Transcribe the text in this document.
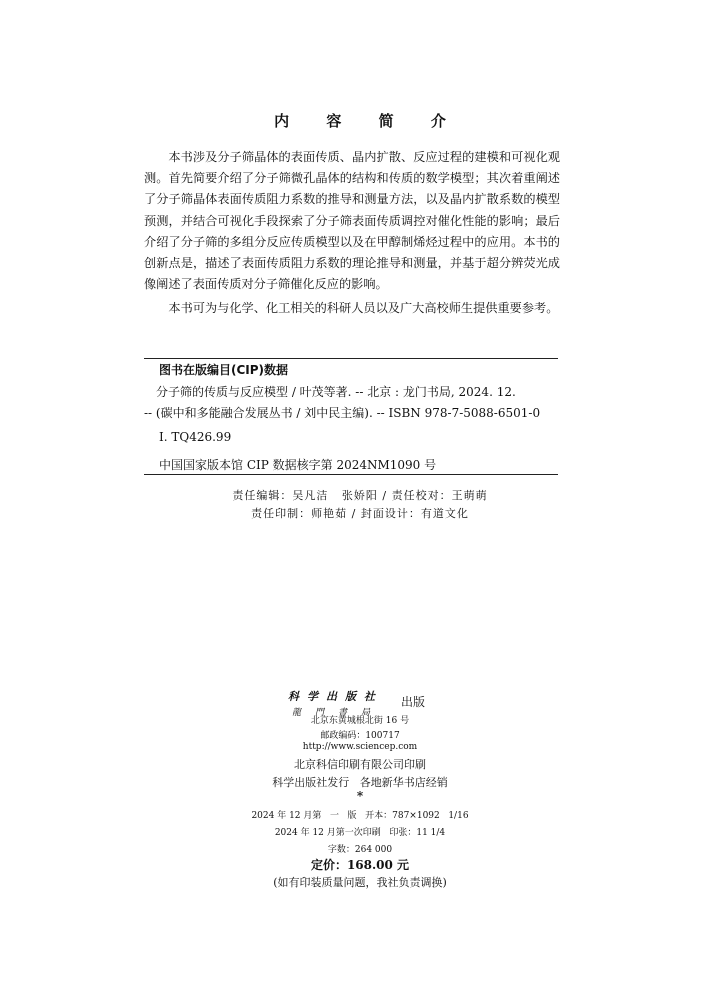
内 容 简 介

本书涉及分子筛晶体的表面传质、晶内扩散、反应过程的建模和可视化观测。首先简要介绍了分子筛微孔晶体的结构和传质的数学模型；其次着重阐述了分子筛晶体表面传质阻力系数的推导和测量方法，以及晶内扩散系数的模型预测，并结合可视化手段探索了分子筛表面传质调控对催化性能的影响；最后介绍了分子筛的多组分反应传质模型以及在甲醇制烯烃过程中的应用。本书的创新点是，描述了表面传质阻力系数的理论推导和测量，并基于超分辨荧光成像阐述了表面传质对分子筛催化反应的影响。

本书可为与化学、化工相关的科研人员以及广大高校师生提供重要参考。

图书在版编目(CIP)数据
分子筛的传质与反应模型 / 叶茂等著. -- 北京 : 龙门书局, 2024. 12.
-- (碳中和多能融合发展丛书 / 刘中民主编). -- ISBN 978-7-5088-6501-0
Ⅰ. TQ426.99
中国国家版本馆 CIP 数据核字第 2024NM1090 号
责任编辑：吴凡洁   张娇阳 / 责任校对：王萌萌
责任印制：师艳茹 / 封面设计：有道文化
科学出版社
龍門書局
出版
北京东黄城根北街 16 号
邮政编码：100717
http://www.sciencep.com
北京科信印刷有限公司印刷
科学出版社发行   各地新华书店经销
*
2024 年 12 月第   一   版   开本：787×1092   1/16
2024 年 12 月第一次印刷   印张：11 1/4
字数：264 000
定价：168.00 元
(如有印装质量问题，我社负责调换)
